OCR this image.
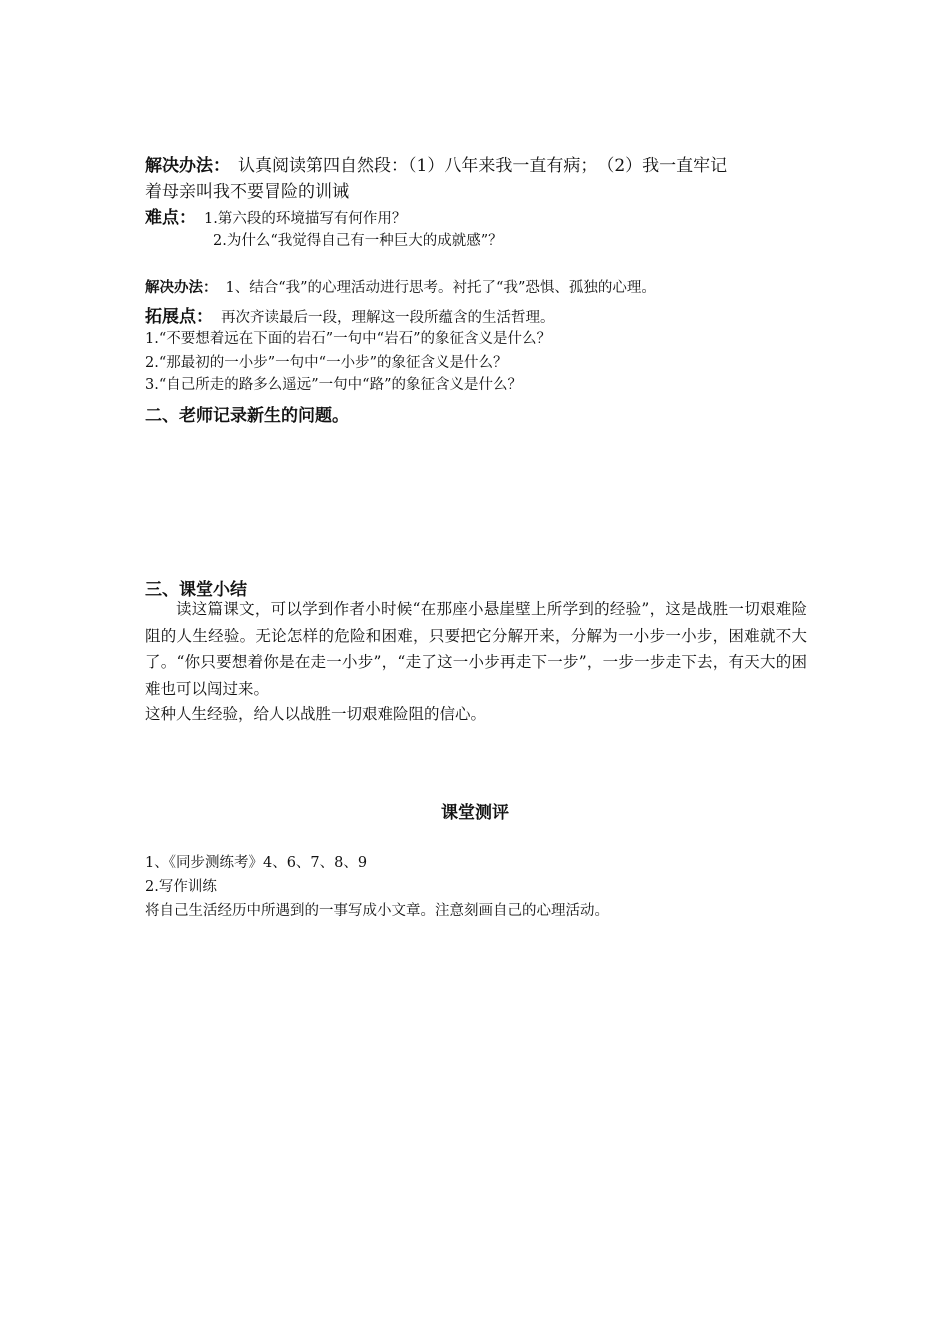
解决办法： 认真阅读第四自然段：（1）八年来我一直有病；　（2）我一直牢记
着母亲叫我不要冒险的训诫
难点： 1.第六段的环境描写有何作用？
2.为什么“我觉得自己有一种巨大的成就感”？
解决办法： 1、结合“我”的心理活动进行思考。衬托了“我”恐惧、孤独的心理。
拓展点： 再次齐读最后一段，理解这一段所蕴含的生活哲理。
1.“不要想着远在下面的岩石”一句中“岩石”的象征含义是什么？
2.“那最初的一小步”一句中“一小步”的象征含义是什么？
3.“自己所走的路多么遥远”一句中“路”的象征含义是什么？
二、老师记录新生的问题。
三、课堂小结
读这篇课文，可以学到作者小时候“在那座小悬崖壁上所学到的经验”，这是战胜一切艰难险阻的人生经验。无论怎样的危险和困难，只要把它分解开来，分解为一小步一小步，困难就不大了。“你只要想着你是在走一小步”，“走了这一小步再走下一步”，一步一步走下去，有天大的困难也可以闯过来。
这种人生经验，给人以战胜一切艰难险阻的信心。
课堂测评
1、《同步测练考》4、6、7、8、9
2.写作训练
将自己生活经历中所遇到的一事写成小文章。注意刻画自己的心理活动。
